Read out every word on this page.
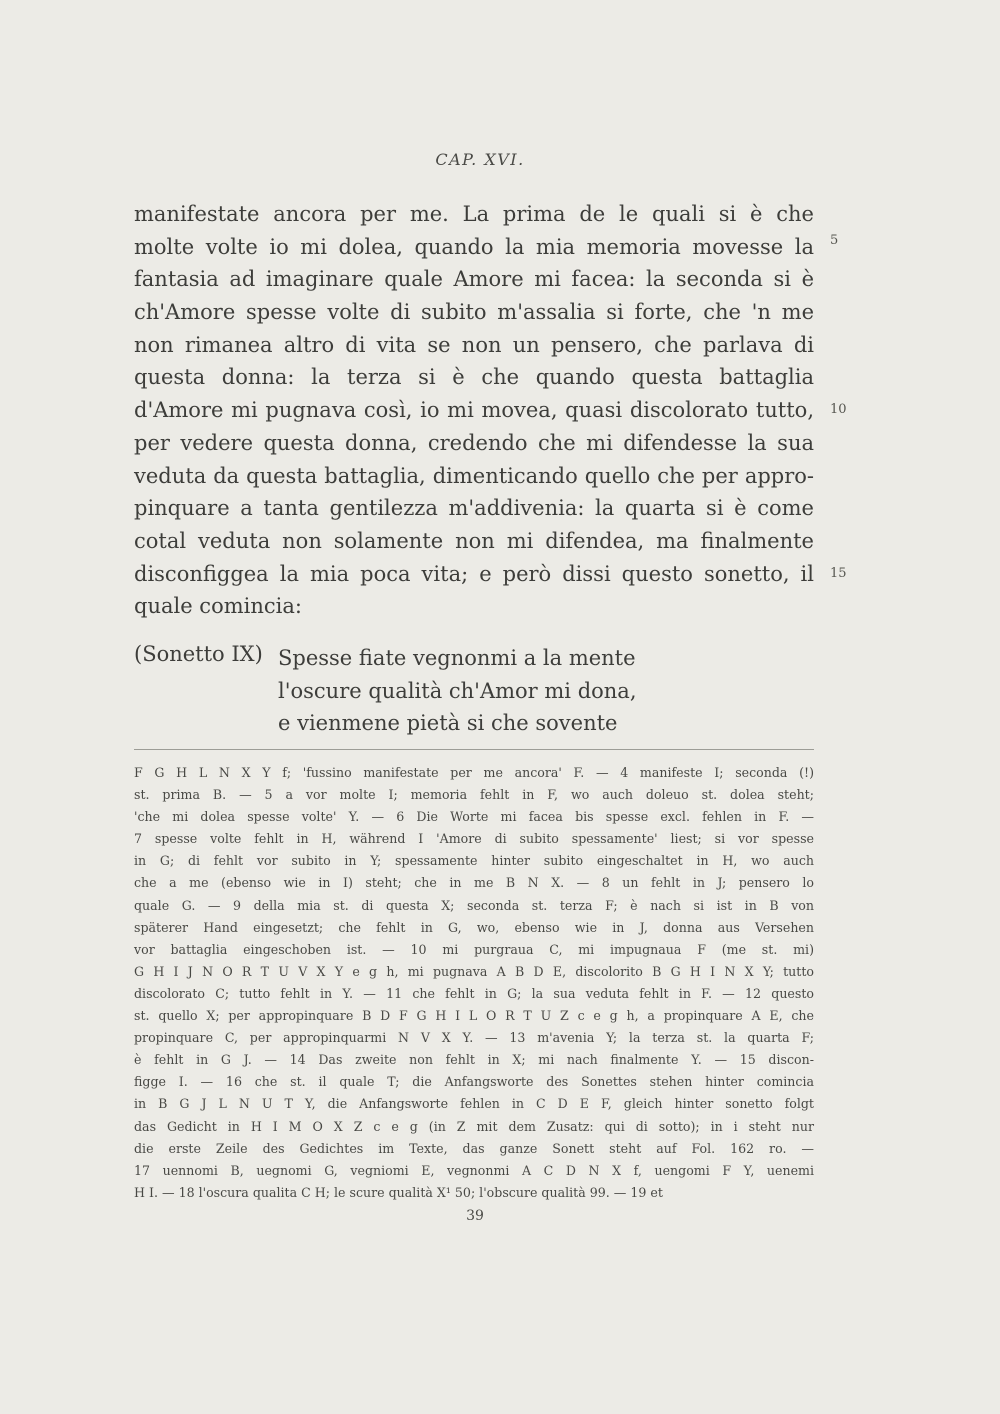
CAP. XVI.
manifestate ancora per me. La prima de le quali si è che
molte volte io mi dolea, quando la mia memoria movesse la
fantasia ad imaginare quale Amore mi facea: la seconda si è
ch'Amore spesse volte di subito m'assalia si forte, che 'n me
non rimanea altro di vita se non un pensero, che parlava di
questa donna: la terza si è che quando questa battaglia
d'Amore mi pugnava così, io mi movea, quasi discolorato tutto,
per vedere questa donna, credendo che mi difendesse la sua
veduta da questa battaglia, dimenticando quello che per appro-
pinquare a tanta gentilezza m'addivenia: la quarta si è come
cotal veduta non solamente non mi difendea, ma finalmente
disconfiggea la mia poca vita; e però dissi questo sonetto, il
quale comincia:
5
10
15
(Sonetto IX) Spesse fiate vegnonmi a la mente
l'oscure qualità ch'Amor mi dona,
e vienmene pietà si che sovente
F G H L N X Y f; 'fussino manifestate per me ancora' F. — 4 manifeste I; seconda (!)
st. prima B. — 5 a vor molte I; memoria fehlt in F, wo auch doleuo st. dolea steht;
'che mi dolea spesse volte' Y. — 6 Die Worte mi facea bis spesse excl. fehlen in F. —
7 spesse volte fehlt in H, während I 'Amore di subito spessamente' liest; si vor spesse
in G; di fehlt vor subito in Y; spessamente hinter subito eingeschaltet in H, wo auch
che a me (ebenso wie in I) steht; che in me B N X. — 8 un fehlt in J; pensero lo
quale G. — 9 della mia st. di questa X; seconda st. terza F; è nach si ist in B von
späterer Hand eingesetzt; che fehlt in G, wo, ebenso wie in J, donna aus Versehen
vor battaglia eingeschoben ist. — 10 mi purgraua C, mi impugnaua F (me st. mi)
G H I J N O R T U V X Y e g h, mi pugnava A B D E, discolorito B G H I N X Y; tutto
discolorato C; tutto fehlt in Y. — 11 che fehlt in G; la sua veduta fehlt in F. — 12 questo
st. quello X; per appropinquare B D F G H I L O R T U Z c e g h, a propinquare A E, che
propinquare C, per appropinquarmi N V X Y. — 13 m'avenia Y; la terza st. la quarta F;
è fehlt in G J. — 14 Das zweite non fehlt in X; mi nach finalmente Y. — 15 discon-
figge I. — 16 che st. il quale T; die Anfangsworte des Sonettes stehen hinter comincia
in B G J L N U T Y, die Anfangsworte fehlen in C D E F, gleich hinter sonetto folgt
das Gedicht in H I M O X Z c e g (in Z mit dem Zusatz: qui di sotto); in i steht nur
die erste Zeile des Gedichtes im Texte, das ganze Sonett steht auf Fol. 162 ro. —
17 uennomi B, uegnomi G, vegniomi E, vegnonmi A C D N X f, uengomi F Y, uenemi
H I. — 18 l'oscura qualita C H; le scure qualità X¹ 50; l'obscure qualità 99. — 19 et
39
